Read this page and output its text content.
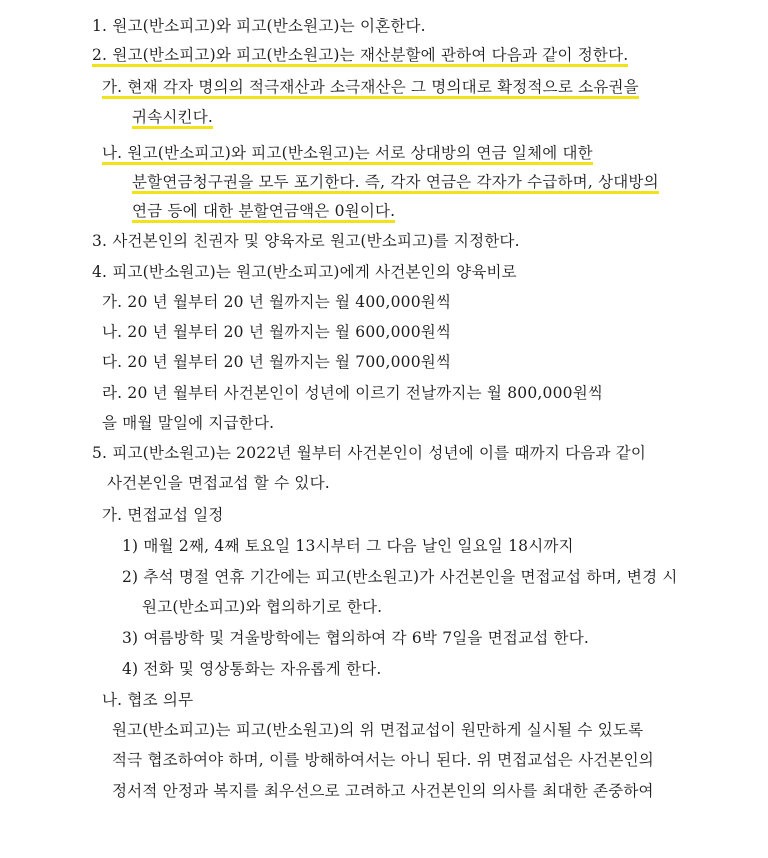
1. 원고(반소피고)와 피고(반소원고)는 이혼한다.
2. 원고(반소피고)와 피고(반소원고)는 재산분할에 관하여 다음과 같이 정한다.
가. 현재 각자 명의의 적극재산과 소극재산은 그 명의대로 확정적으로 소유권을
귀속시킨다.
나. 원고(반소피고)와 피고(반소원고)는 서로 상대방의 연금 일체에 대한
분할연금청구권을 모두 포기한다. 즉, 각자 연금은 각자가 수급하며, 상대방의
연금 등에 대한 분할연금액은 0원이다.
3. 사건본인의 친권자 및 양육자로 원고(반소피고)를 지정한다.
4. 피고(반소원고)는 원고(반소피고)에게 사건본인의 양육비로
가. 20 년 월부터 20 년 월까지는 월 400,000원씩
나. 20 년 월부터 20 년 월까지는 월 600,000원씩
다. 20 년 월부터 20 년 월까지는 월 700,000원씩
라. 20 년 월부터 사건본인이 성년에 이르기 전날까지는 월 800,000원씩
을 매월 말일에 지급한다.
5. 피고(반소원고)는 2022년 월부터 사건본인이 성년에 이를 때까지 다음과 같이
사건본인을 면접교섭 할 수 있다.
가. 면접교섭 일정
1) 매월 2째, 4째 토요일 13시부터 그 다음 날인 일요일 18시까지
2) 추석 명절 연휴 기간에는 피고(반소원고)가 사건본인을 면접교섭 하며, 변경 시
원고(반소피고)와 협의하기로 한다.
3) 여름방학 및 겨울방학에는 협의하여 각 6박 7일을 면접교섭 한다.
4) 전화 및 영상통화는 자유롭게 한다.
나. 협조 의무
원고(반소피고)는 피고(반소원고)의 위 면접교섭이 원만하게 실시될 수 있도록
적극 협조하여야 하며, 이를 방해하여서는 아니 된다. 위 면접교섭은 사건본인의
정서적 안정과 복지를 최우선으로 고려하고 사건본인의 의사를 최대한 존중하여
